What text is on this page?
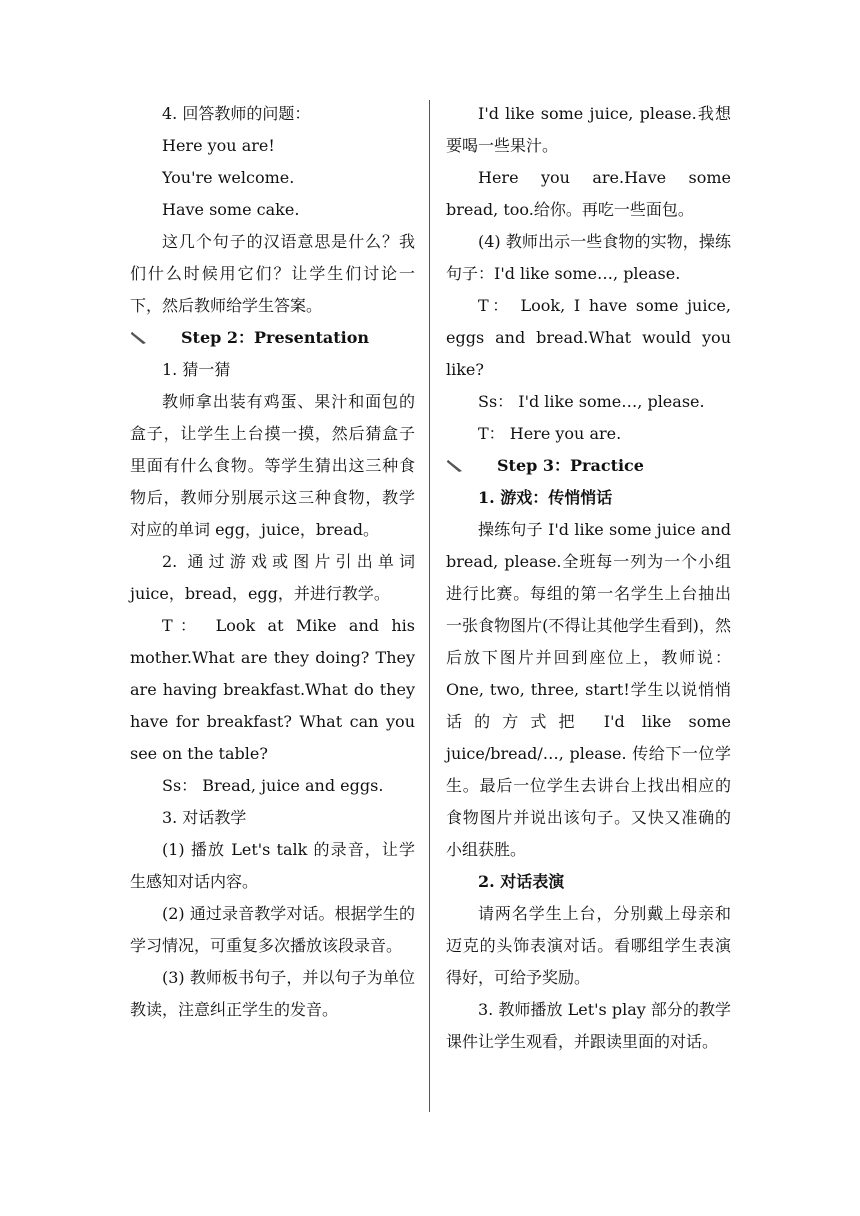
4. 回答教师的问题：

Here you are!

You're welcome.

Have some cake.

这几个句子的汉语意思是什么？我们什么时候用它们？让学生们讨论一下，然后教师给学生答案。

Step 2：Presentation

1. 猜一猜

教师拿出装有鸡蛋、果汁和面包的盒子，让学生上台摸一摸，然后猜盒子里面有什么食物。等学生猜出这三种食物后，教师分别展示这三种食物，教学对应的单词 egg，juice，bread。

2. 通过游戏或图片引出单词 juice，bread，egg，并进行教学。

T： Look at Mike and his mother.What are they doing? They are having breakfast.What do they have for breakfast? What can you see on the table?

Ss： Bread, juice and eggs.

3. 对话教学

(1) 播放 Let's talk 的录音，让学生感知对话内容。

(2) 通过录音教学对话。根据学生的学习情况，可重复多次播放该段录音。

(3) 教师板书句子，并以句子为单位教读，注意纠正学生的发音。

I'd like some juice, please.我想要喝一些果汁。

Here you are.Have some bread, too.给你。再吃一些面包。

(4) 教师出示一些食物的实物，操练句子：I'd like some…, please.

T： Look, I have some juice, eggs and bread.What would you like?

Ss： I'd like some…, please.

T： Here you are.

Step 3：Practice

1. 游戏：传悄悄话

操练句子 I'd like some juice and bread, please.全班每一列为一个小组进行比赛。每组的第一名学生上台抽出一张食物图片(不得让其他学生看到)，然后放下图片并回到座位上，教师说： One, two, three, start!学生以说悄悄话的方式把 I'd like some juice/bread/…, please. 传给下一位学生。最后一位学生去讲台上找出相应的食物图片并说出该句子。又快又准确的小组获胜。

2. 对话表演

请两名学生上台，分别戴上母亲和迈克的头饰表演对话。看哪组学生表演得好，可给予奖励。

3. 教师播放 Let's play 部分的教学课件让学生观看，并跟读里面的对话。
